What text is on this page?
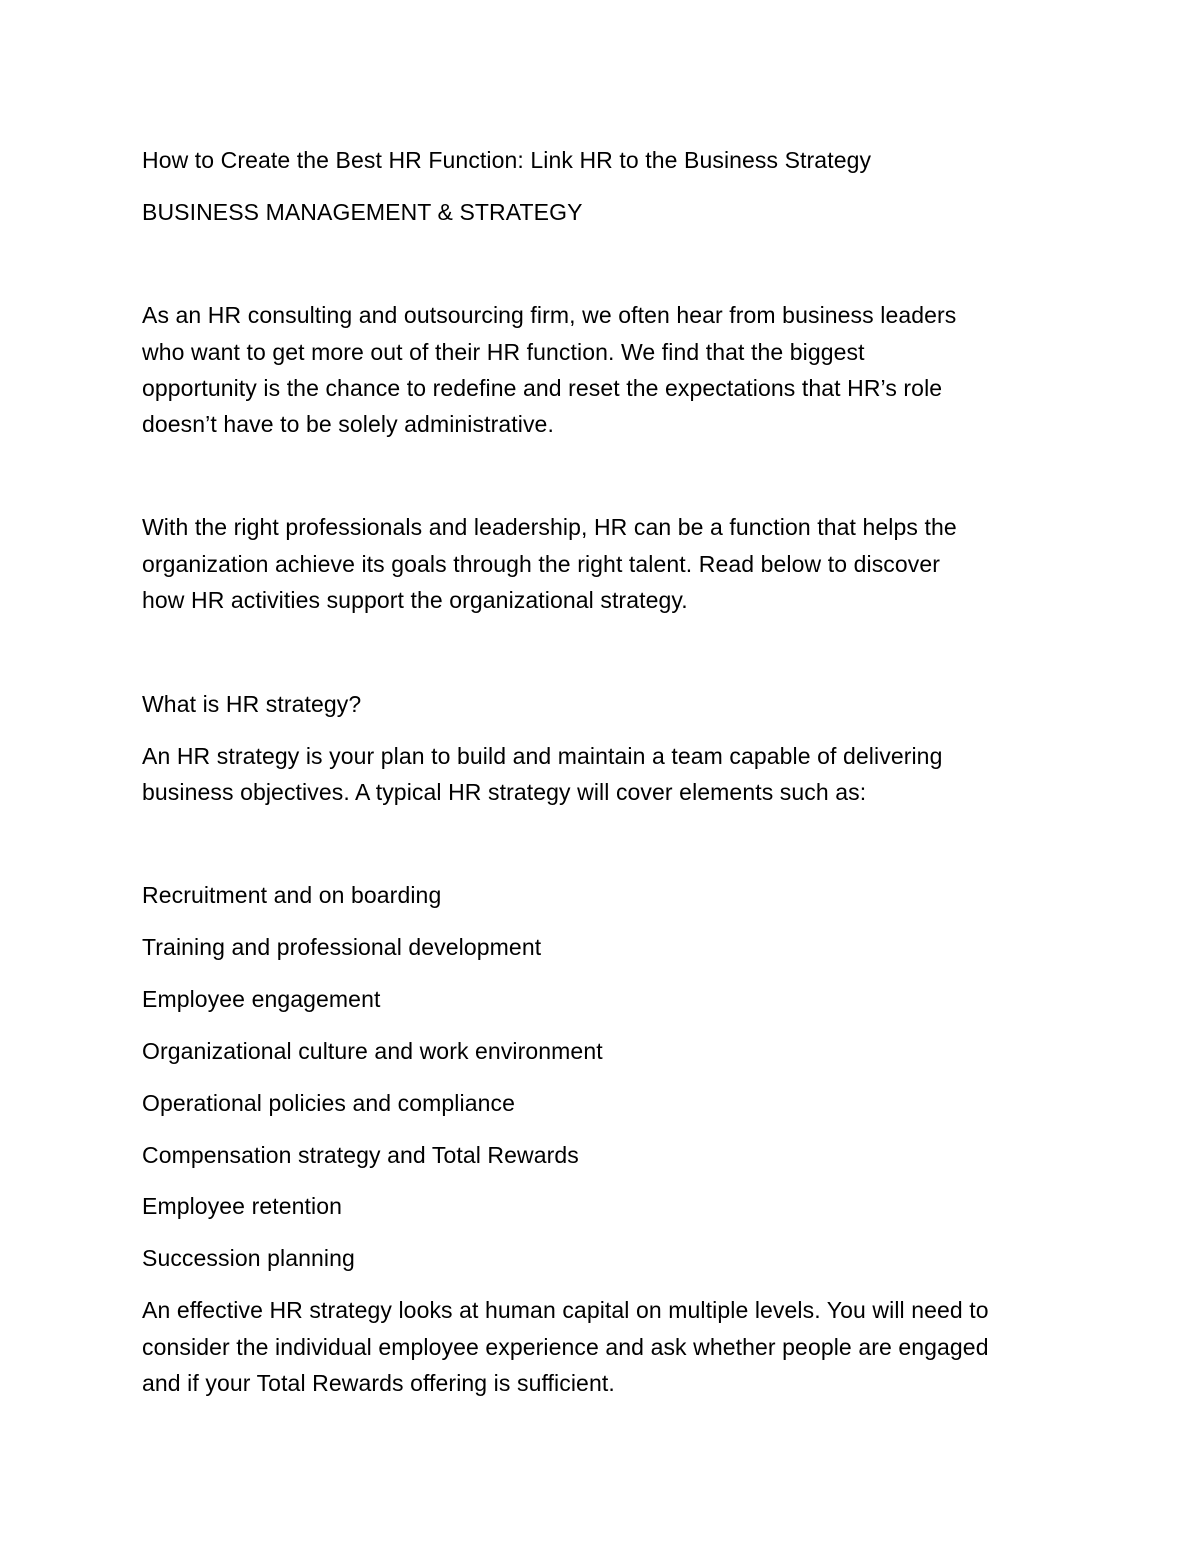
How to Create the Best HR Function: Link HR to the Business Strategy
BUSINESS MANAGEMENT & STRATEGY
As an HR consulting and outsourcing firm, we often hear from business leaders
who want to get more out of their HR function. We find that the biggest
opportunity is the chance to redefine and reset the expectations that HR’s role
doesn’t have to be solely administrative.
With the right professionals and leadership, HR can be a function that helps the
organization achieve its goals through the right talent. Read below to discover
how HR activities support the organizational strategy.
What is HR strategy?
An HR strategy is your plan to build and maintain a team capable of delivering
business objectives. A typical HR strategy will cover elements such as:
Recruitment and on boarding
Training and professional development
Employee engagement
Organizational culture and work environment
Operational policies and compliance
Compensation strategy and Total Rewards
Employee retention
Succession planning
An effective HR strategy looks at human capital on multiple levels. You will need to
consider the individual employee experience and ask whether people are engaged
and if your Total Rewards offering is sufficient.
